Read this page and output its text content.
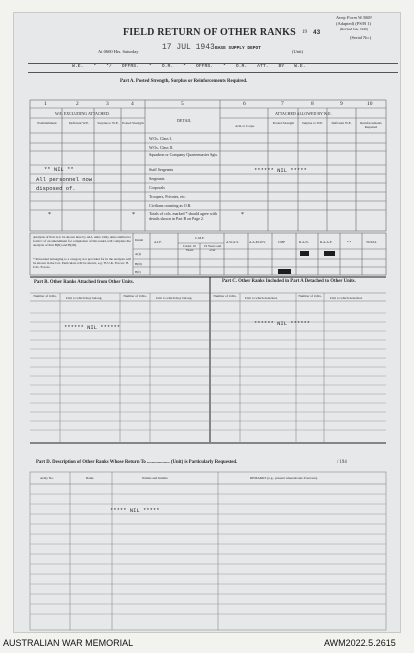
Army Form W.3009
(Adapted) (PS/B 1)
(Revised Jan., 1940)
FIELD RETURN OF OTHER RANKS 19 43
(Serial No.)
At 0600 Hrs. Saturday	17 JUL 1943 BASE SUPPLY DEPOT
(Unit)
W.E. * */ OFFRS. * O.R. * OFFRS. * O.R. ATT. BY W.E.
Part A. Posted Strength, Surplus or Reinforcements Required.
1	2	3	4	5	6	7	8	9	10
W.E. EXCLUDING ATTACHED.	ATTACHED ALLOWED BY W.E.
DETAIL
Establishment	Deficient W.E.	Surplus to W.E.	Posted Strength
Arm or Corps.
Posted Strength	Surplus to W.E.	Deficient W.E.	Reinforcements Required
W.Os. Class I.
W.Os. Class II.
Squadron or Company Quartermaster Sgts.
Staff Sergeants
Sergeants
Corporals
Troopers, Privates, etc.
Civilians counting as O.R.
Totals of cols. marked * should agree with details shown in Part B on Page 2.
** NIL **
All personnel now
disposed of.
****** NIL *****
*	*	*
Analysis of Part A to be shown here by ALL units. Only units entitled to form C of an amendment for completion of this return will complete the analysis of Part B(II) and B(III).
* Personnel belonging to a category not provided for in the analysis will be shown in the Col. Particulars will be shown, e.g. 'B U.K. Forces.' B U.K. Forces.
Detail
A(I)
B(II)
B(I)
C.M.F.
A.I.F.
Under 19 Years
19 Years and over
A.W.A.S.	A.A.M.W.S.	CMF	R.A.N.	R.A.A.F.	* *	TOTAL
Part B. Other Ranks Attached from Other Units.	Part C. Other Ranks Included in Part A Detached to Other Units.
Number of O.Rs.	Unit to which they belong.	Number of O.Rs.	Unit to which they belong.	Number of O.Rs.	Unit to which detached.	Number of O.Rs.	Unit to which detached.
****** NIL ******
****** NIL ******
Part D. Description of Other Ranks Whose Return To ................... (Unit) is Particularly Requested.	/ 194
Army No.	Rank.	Names and Initials.	REMARKS (e.g., present whereabouts if known).
***** NIL *****
AUSTRALIAN WAR MEMORIAL	AWM2022.5.2615
